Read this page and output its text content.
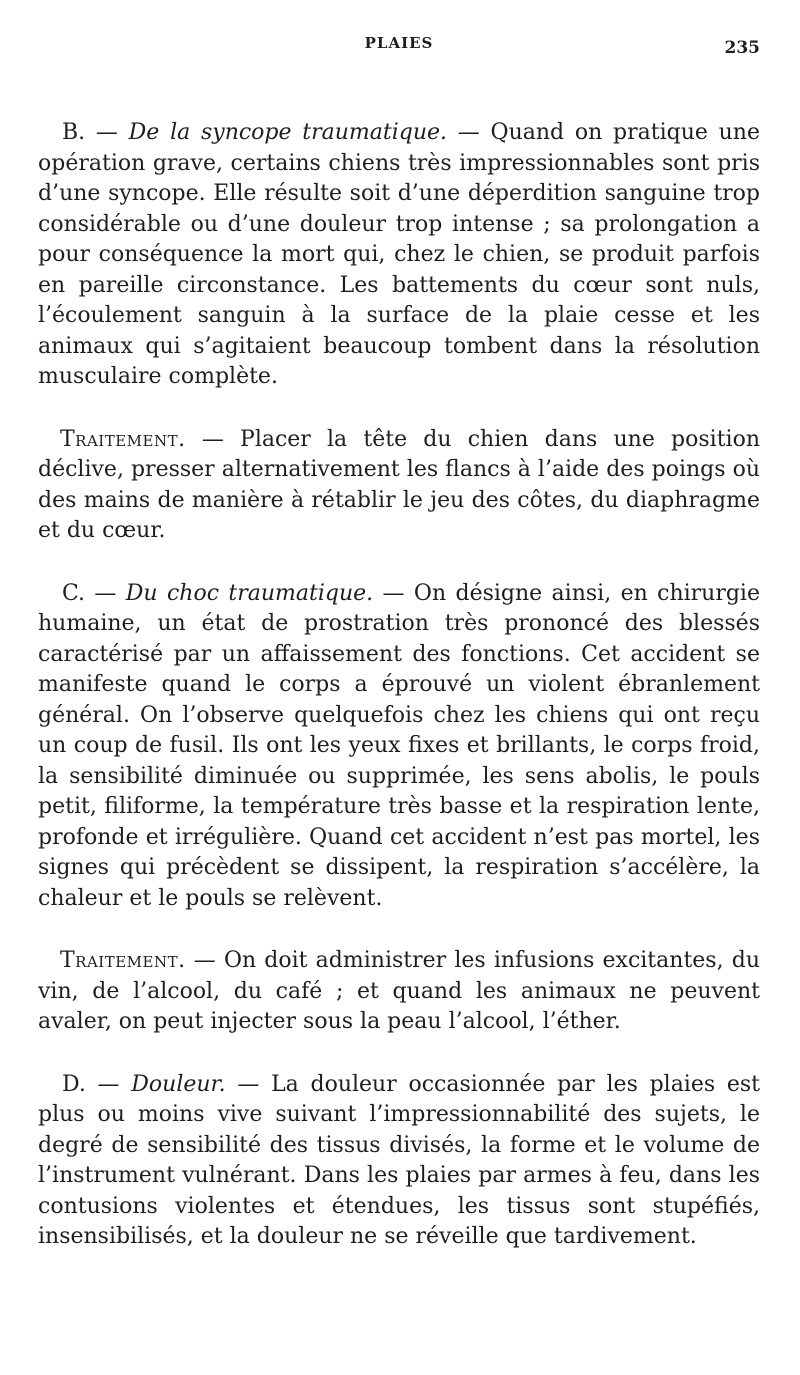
PLAIES	235

B. — De la syncope traumatique. — Quand on pratique une opération grave, certains chiens très impressionnables sont pris d’une syncope. Elle résulte soit d’une déperdition sanguine trop considérable ou d’une douleur trop intense ; sa prolongation a pour conséquence la mort qui, chez le chien, se produit parfois en pareille circonstance. Les battements du cœur sont nuls, l’écoulement sanguin à la surface de la plaie cesse et les animaux qui s’agitaient beaucoup tombent dans la résolution musculaire complète.

Traitement. — Placer la tête du chien dans une position déclive, presser alternativement les flancs à l’aide des poings où des mains de manière à rétablir le jeu des côtes, du diaphragme et du cœur.

C. — Du choc traumatique. — On désigne ainsi, en chirurgie humaine, un état de prostration très prononcé des blessés caractérisé par un affaissement des fonctions. Cet accident se manifeste quand le corps a éprouvé un violent ébranlement général. On l’observe quelquefois chez les chiens qui ont reçu un coup de fusil. Ils ont les yeux fixes et brillants, le corps froid, la sensibilité diminuée ou supprimée, les sens abolis, le pouls petit, filiforme, la température très basse et la respiration lente, profonde et irrégulière. Quand cet accident n’est pas mortel, les signes qui précèdent se dissipent, la respiration s’accélère, la chaleur et le pouls se relèvent.

Traitement. — On doit administrer les infusions excitantes, du vin, de l’alcool, du café ; et quand les animaux ne peuvent avaler, on peut injecter sous la peau l’alcool, l’éther.

D. — Douleur. — La douleur occasionnée par les plaies est plus ou moins vive suivant l’impressionnabilité des sujets, le degré de sensibilité des tissus divisés, la forme et le volume de l’instrument vulnérant. Dans les plaies par armes à feu, dans les contusions violentes et étendues, les tissus sont stupéfiés, insensibilisés, et la douleur ne se réveille que tardivement.
